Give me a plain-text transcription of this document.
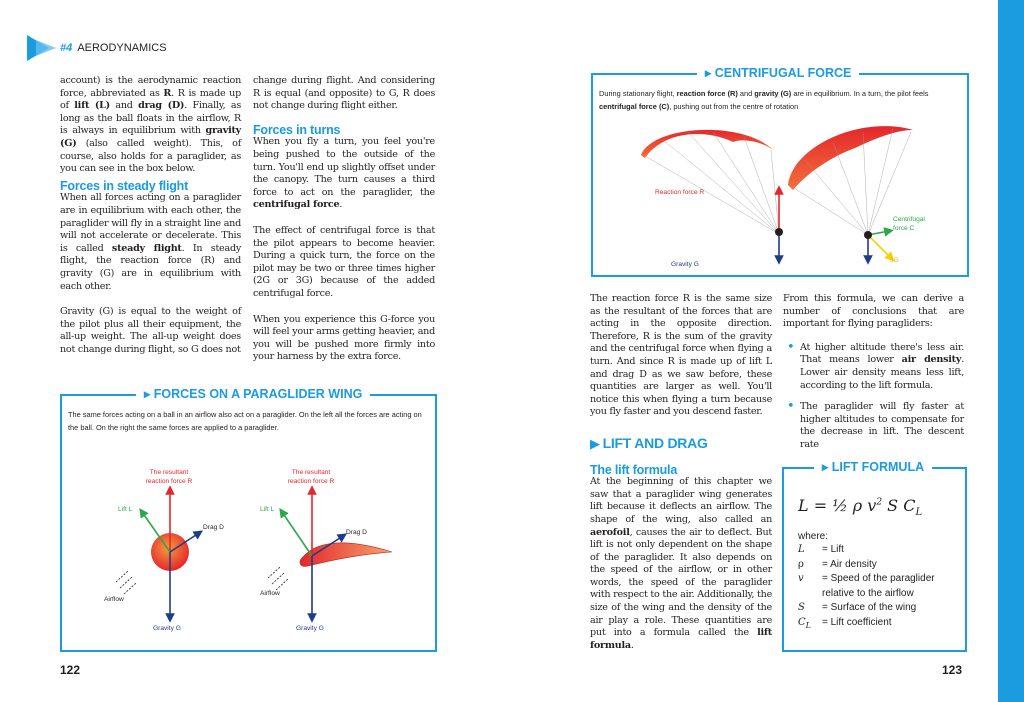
#4 AERODYNAMICS
account) is the aerodynamic reaction force, abbreviated as R. R is made up of lift (L) and drag (D). Finally, as long as the ball floats in the airflow, R is always in equilibrium with gravity (G) (also called weight). This, of course, also holds for a paraglider, as you can see in the box below.
Forces in steady flight
When all forces acting on a paraglider are in equilibrium with each other, the paraglider will fly in a straight line and will not accelerate or decelerate. This is called steady flight. In steady flight, the reaction force (R) and gravity (G) are in equilibrium with each other.
Gravity (G) is equal to the weight of the pilot plus all their equipment, the all-up weight. The all-up weight does not change during flight, so G does not
change during flight. And considering R is equal (and opposite) to G, R does not change during flight either.
Forces in turns
When you fly a turn, you feel you're being pushed to the outside of the turn. You'll end up slightly offset under the canopy. The turn causes a third force to act on the paraglider, the centrifugal force.
The effect of centrifugal force is that the pilot appears to become heavier. During a quick turn, the force on the pilot may be two or three times higher (2G or 3G) because of the added centrifugal force.
When you experience this G-force you will feel your arms getting heavier, and you will be pushed more firmly into your harness by the extra force.
▸ FORCES ON A PARAGLIDER WING
The same forces acting on a ball in an airflow also act on a paraglider. On the left all the forces are acting on the ball. On the right the same forces are applied to a paraglider.
The resultant reaction force R
Lift L
Drag D
Airflow
Gravity G
The resultant reaction force R
Lift L
Drag D
Airflow
Gravity G
122
▸ CENTRIFUGAL FORCE
During stationary flight, reaction force (R) and gravity (G) are in equilibrium. In a turn, the pilot feels centrifugal force (C), pushing out from the centre of rotation
Reaction force R
Gravity G
Centrifugal force C
G	3G
The reaction force R is the same size as the resultant of the forces that are acting in the opposite direction. Therefore, R is the sum of the gravity and the centrifugal force when flying a turn. And since R is made up of lift L and drag D as we saw before, these quantities are larger as well. You'll notice this when flying a turn because you fly faster and you descend faster.
▶ LIFT AND DRAG
The lift formula
At the beginning of this chapter we saw that a paraglider wing generates lift because it deflects an airflow. The shape of the wing, also called an aerofoil, causes the air to deflect. But lift is not only dependent on the shape of the paraglider. It also depends on the speed of the airflow, or in other words, the speed of the paraglider with respect to the air. Additionally, the size of the wing and the density of the air play a role. These quantities are put into a formula called the lift formula.
From this formula, we can derive a number of conclusions that are important for flying paragliders:
• At higher altitude there's less air. That means lower air density. Lower air density means less lift, according to the lift formula.
• The paraglider will fly faster at higher altitudes to compensate for the decrease in lift. The descent rate
▸ LIFT FORMULA
L = ½ ρ $v^2$ S $C_L$
where:
L	= Lift
ρ	= Air density
v	= Speed of the paraglider relative to the airflow
S	= Surface of the wing
$C_L$	= Lift coefficient
123
